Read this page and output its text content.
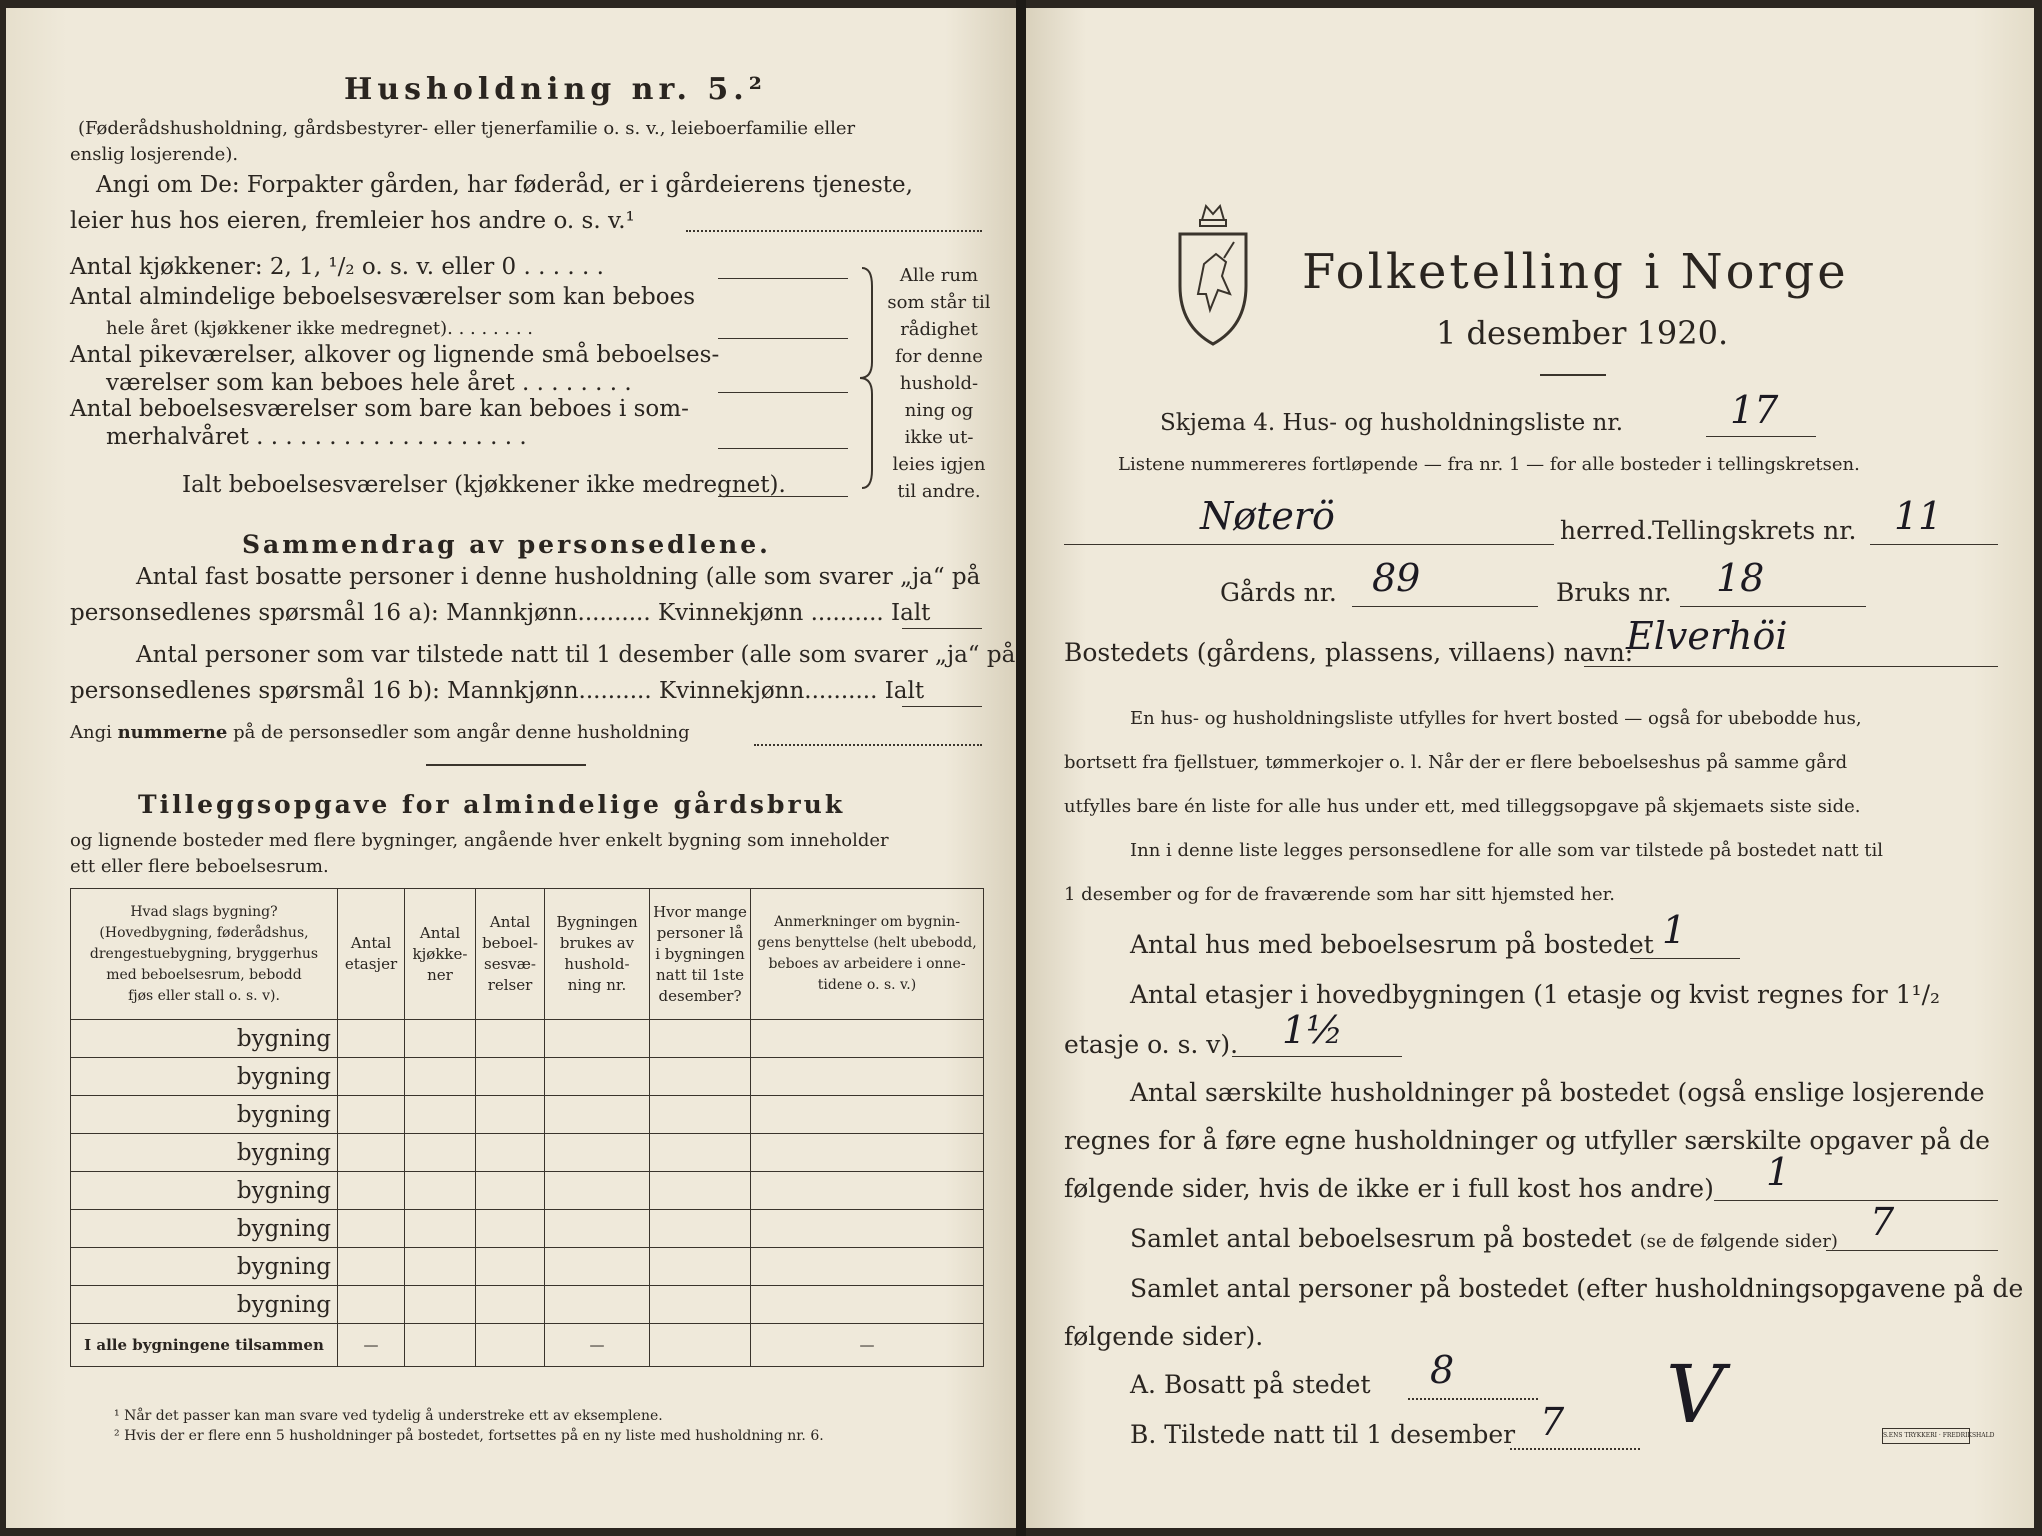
Husholdning nr. 5.²
(Føderådshusholdning, gårdsbestyrer- eller tjenerfamilie o. s. v., leieboerfamilie eller
enslig losjerende).
Angi om De: Forpakter gården, har føderåd, er i gårdeierens tjeneste,
leier hus hos eieren, fremleier hos andre o. s. v.¹
Antal kjøkkener: 2, 1, ¹/₂ o. s. v. eller 0 . . . . . .
Antal almindelige beboelsesværelser som kan beboes
hele året (kjøkkener ikke medregnet). . . . . . . .
Antal pikeværelser, alkover og lignende små beboelses-
værelser som kan beboes hele året . . . . . . . .
Antal beboelsesværelser som bare kan beboes i som-
merhalvåret . . . . . . . . . . . . . . . . . . .
Ialt beboelsesværelser (kjøkkener ikke medregnet).
Alle rum
som står til
rådighet
for denne
hushold-
ning og
ikke ut-
leies igjen
til andre.
Sammendrag av personsedlene.
Antal fast bosatte personer i denne husholdning (alle som svarer „ja“ på
personsedlenes spørsmål 16 a): Mannkjønn.......... Kvinnekjønn .......... Ialt
Antal personer som var tilstede natt til 1 desember (alle som svarer „ja“ på
personsedlenes spørsmål 16 b): Mannkjønn.......... Kvinnekjønn.......... Ialt
Angi nummerne på de personsedler som angår denne husholdning
Tilleggsopgave for almindelige gårdsbruk
og lignende bosteder med flere bygninger, angående hver enkelt bygning som inneholder
ett eller flere beboelsesrum.
Hvad slags bygning?
(Hovedbygning, føderådshus,
drengestuebygning, bryggerhus
med beboelsesrum, bebodd
fjøs eller stall o. s. v).	Antal
etasjer	Antal
kjøkke-
ner	Antal
beboel-
sesvæ-
relser	Bygningen
brukes av
hushold-
ning nr.	Hvor mange
personer lå
i bygningen
natt til 1ste
desember?	Anmerkninger om bygnin-
gens benyttelse (helt ubebodd,
beboes av arbeidere i onne-
tidene o. s. v.)
bygning						
bygning						
bygning						
bygning						
bygning						
bygning						
bygning						
bygning						
I alle bygningene tilsammen	—			—		—
¹ Når det passer kan man svare ved tydelig å understreke ett av eksemplene.
² Hvis der er flere enn 5 husholdninger på bostedet, fortsettes på en ny liste med husholdning nr. 6.
Folketelling i Norge
1 desember 1920.
Skjema 4. Hus- og husholdningsliste nr.	17
Listene nummereres fortløpende — fra nr. 1 — for alle bosteder i tellingskretsen.
Nøterö	herred.
Tellingskrets nr. 11
Gårds nr. 89	Bruks nr. 18
Bostedets (gårdens, plassens, villaens) navn:
Elverhöi
En hus- og husholdningsliste utfylles for hvert bosted — også for ubebodde hus,
bortsett fra fjellstuer, tømmerkojer o. l. Når der er flere beboelseshus på samme gård
utfylles bare én liste for alle hus under ett, med tilleggsopgave på skjemaets siste side.
Inn i denne liste legges personsedlene for alle som var tilstede på bostedet natt til
1 desember og for de fraværende som har sitt hjemsted her.
Antal hus med beboelsesrum på bostedet 1
Antal etasjer i hovedbygningen (1 etasje og kvist regnes for 1¹/₂
etasje o. s. v). 1½
Antal særskilte husholdninger på bostedet (også enslige losjerende
regnes for å føre egne husholdninger og utfyller særskilte opgaver på de
følgende sider, hvis de ikke er i full kost hos andre) 1
Samlet antal beboelsesrum på bostedet (se de følgende sider) 7
Samlet antal personer på bostedet (efter husholdningsopgavene på de
følgende sider).
A. Bosatt på stedet 8
B. Tilstede natt til 1 desember 7 V	S.ENS TRYKKERI · FREDRIKSHALD
